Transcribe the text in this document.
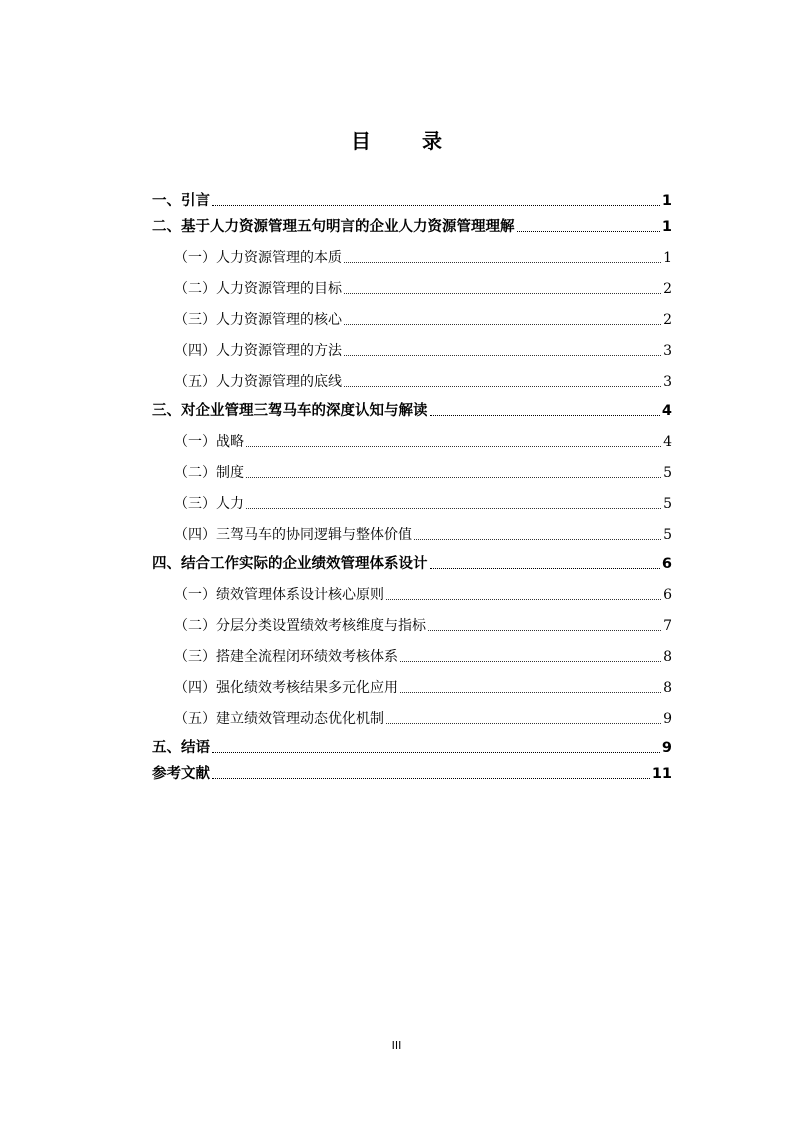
目 录
一、引言	1
二、基于人力资源管理五句明言的企业人力资源管理理解	1
（一）人力资源管理的本质	1
（二）人力资源管理的目标	2
（三）人力资源管理的核心	2
（四）人力资源管理的方法	3
（五）人力资源管理的底线	3
三、对企业管理三驾马车的深度认知与解读	4
（一）战略	4
（二）制度	5
（三）人力	5
（四）三驾马车的协同逻辑与整体价值	5
四、结合工作实际的企业绩效管理体系设计	6
（一）绩效管理体系设计核心原则	6
（二）分层分类设置绩效考核维度与指标	7
（三）搭建全流程闭环绩效考核体系	8
（四）强化绩效考核结果多元化应用	8
（五）建立绩效管理动态优化机制	9
五、结语	9
参考文献	11
III
